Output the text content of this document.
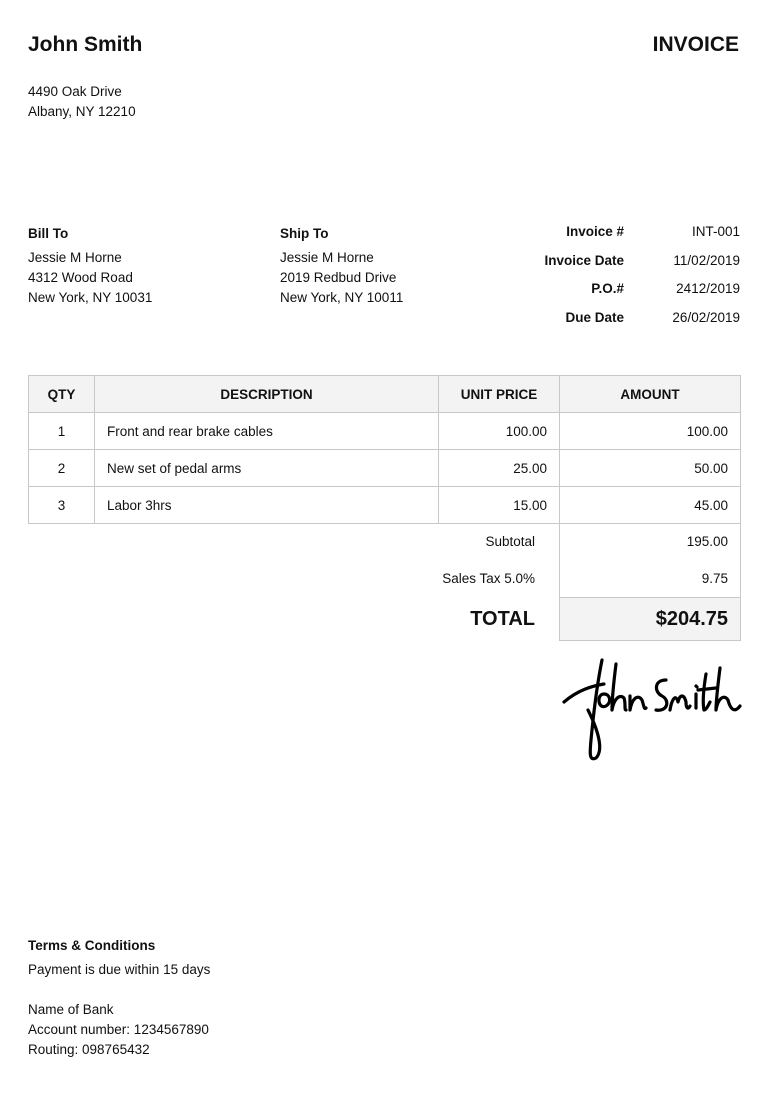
John Smith	INVOICE
4490 Oak Drive
Albany, NY 12210
Bill To
Jessie M Horne
4312 Wood Road
New York, NY 10031
Ship To
Jessie M Horne
2019 Redbud Drive
New York, NY 10011
Invoice #	INT-001
Invoice Date	11/02/2019
P.O.#	2412/2019
Due Date	26/02/2019
QTY	DESCRIPTION	UNIT PRICE	AMOUNT
1	Front and rear brake cables	100.00	100.00
2	New set of pedal arms	25.00	50.00
3	Labor 3hrs	15.00	45.00
Subtotal	195.00
Sales Tax 5.0%	9.75
TOTAL	$204.75
Terms & Conditions
Payment is due within 15 days
Name of Bank
Account number: 1234567890
Routing: 098765432
